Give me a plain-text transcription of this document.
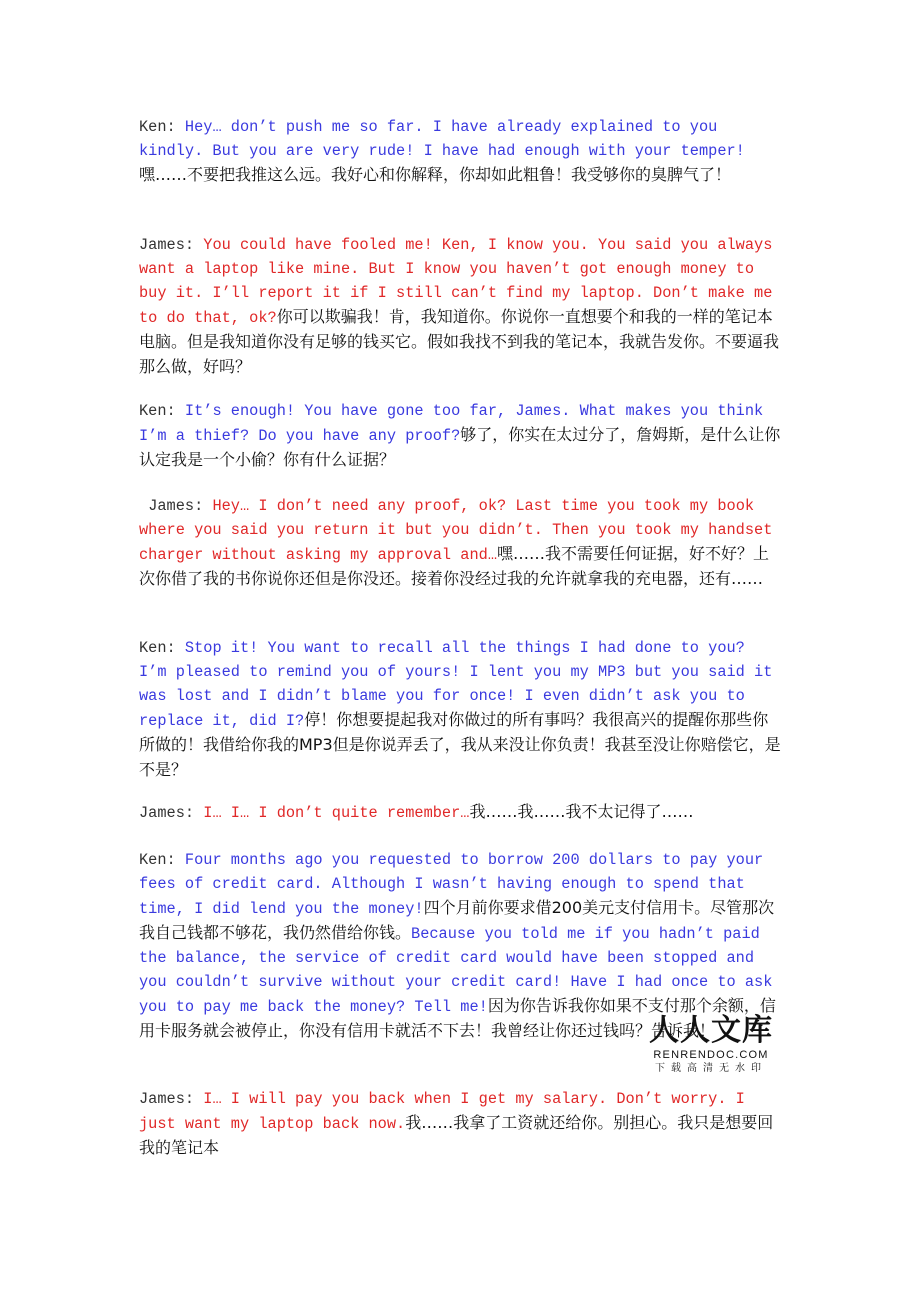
Ken: Hey… don’t push me so far. I have already explained to you kindly. But you are very rude! I have had enough with your temper!嘿……不要把我推这么远。我好心和你解释，你却如此粗鲁！我受够你的臭脾气了！
James: You could have fooled me! Ken, I know you. You said you always want a laptop like mine. But I know you haven’t got enough money to buy it. I’ll report it if I still can’t find my laptop. Don’t make me to do that, ok?你可以欺骗我！肯，我知道你。你说你一直想要个和我的一样的笔记本电脑。但是我知道你没有足够的钱买它。假如我找不到我的笔记本，我就告发你。不要逼我那么做，好吗？
Ken: It’s enough! You have gone too far, James. What makes you think I’m a thief? Do you have any proof?够了，你实在太过分了，詹姆斯，是什么让你认定我是一个小偷？你有什么证据？
James: Hey… I don’t need any proof, ok? Last time you took my book where you said you return it but you didn’t. Then you took my handset charger without asking my approval and…嘿……我不需要任何证据，好不好？上次你借了我的书你说你还但是你没还。接着你没经过我的允许就拿我的充电器，还有……
Ken: Stop it! You want to recall all the things I had done to you? I’m pleased to remind you of yours! I lent you my MP3 but you said it was lost and I didn’t blame you for once! I even didn’t ask you to replace it, did I?停！你想要提起我对你做过的所有事吗？我很高兴的提醒你那些你所做的！我借给你我的MP3但是你说弄丢了，我从来没让你负责！我甚至没让你赔偿它，是不是？
James: I… I… I don’t quite remember…我……我……我不太记得了……
Ken: Four months ago you requested to borrow 200 dollars to pay your fees of credit card. Although I wasn’t having enough to spend that time, I did lend you the money!四个月前你要求借200美元支付信用卡。尽管那次我自己钱都不够花，我仍然借给你钱。Because you told me if you hadn’t paid the balance, the service of credit card would have been stopped and you couldn’t survive without your credit card! Have I had once to ask you to pay me back the money? Tell me!因为你告诉我你如果不支付那个余额，信用卡服务就会被停止，你没有信用卡就活不下去！我曾经让你还过钱吗？告诉我！
James: I… I will pay you back when I get my salary. Don’t worry. I just want my laptop back now.我……我拿了工资就还给你。别担心。我只是想要回我的笔记本
人人文库
RENRENDOC.COM
下载高清无水印
